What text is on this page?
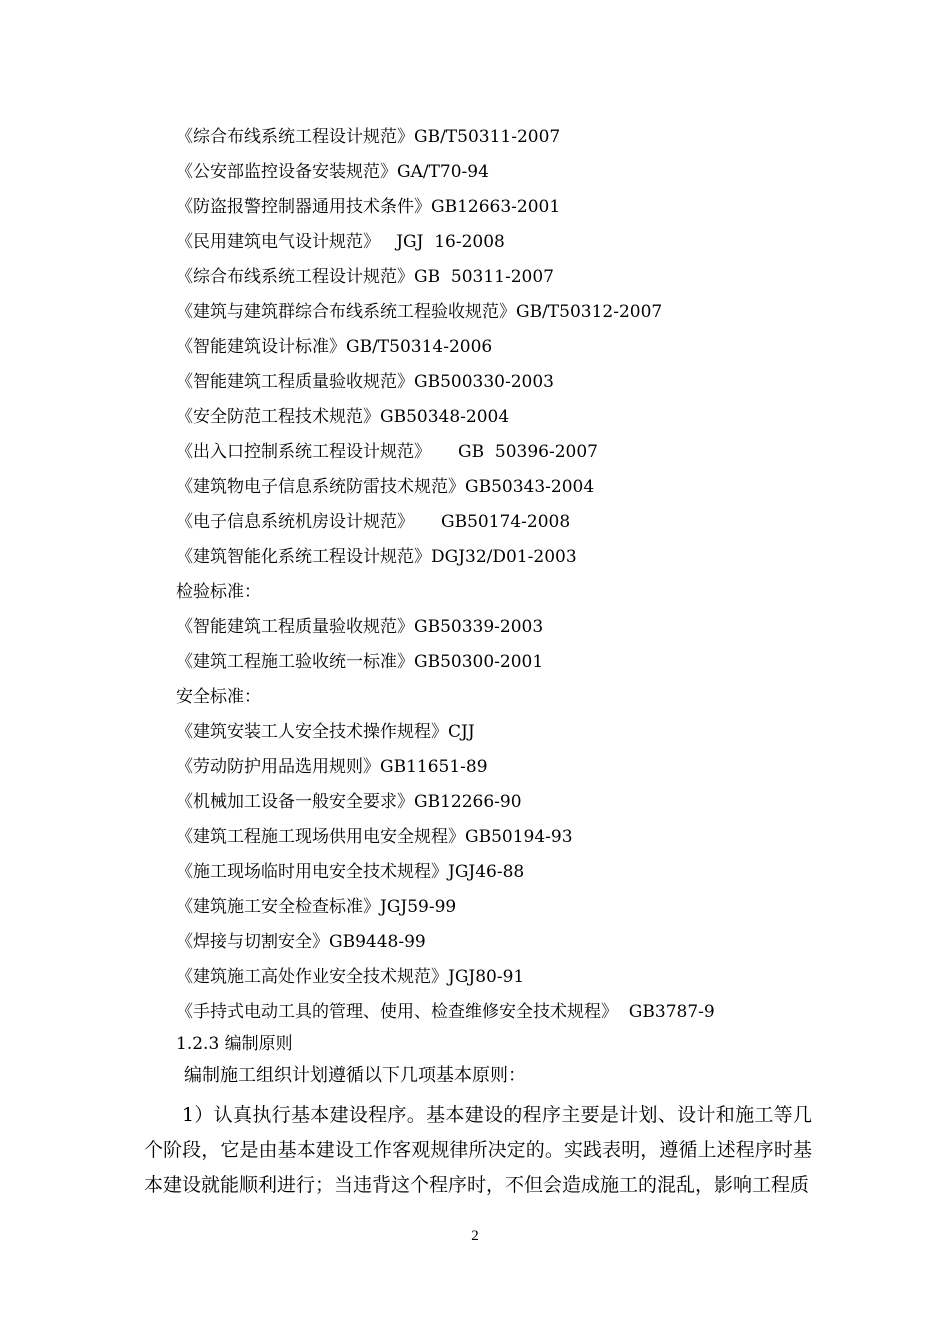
《综合布线系统工程设计规范》GB/T50311-2007
《公安部监控设备安装规范》GA/T70-94
《防盗报警控制器通用技术条件》GB12663-2001
《民用建筑电气设计规范》   JGJ  16-2008
《综合布线系统工程设计规范》GB  50311-2007
《建筑与建筑群综合布线系统工程验收规范》GB/T50312-2007
《智能建筑设计标准》GB/T50314-2006
《智能建筑工程质量验收规范》GB500330-2003
《安全防范工程技术规范》GB50348-2004
《出入口控制系统工程设计规范》     GB  50396-2007
《建筑物电子信息系统防雷技术规范》GB50343-2004
《电子信息系统机房设计规范》     GB50174-2008
《建筑智能化系统工程设计规范》DGJ32/D01-2003
检验标准：
《智能建筑工程质量验收规范》GB50339-2003
《建筑工程施工验收统一标准》GB50300-2001
安全标准：
《建筑安装工人安全技术操作规程》CJJ
《劳动防护用品选用规则》GB11651-89
《机械加工设备一般安全要求》GB12266-90
《建筑工程施工现场供用电安全规程》GB50194-93
《施工现场临时用电安全技术规程》JGJ46-88
《建筑施工安全检查标准》JGJ59-99
《焊接与切割安全》GB9448-99
《建筑施工高处作业安全技术规范》JGJ80-91
《手持式电动工具的管理、使用、检查维修安全技术规程》  GB3787-9
1.2.3 编制原则
编制施工组织计划遵循以下几项基本原则：
1）认真执行基本建设程序。基本建设的程序主要是计划、设计和施工等几个阶段，它是由基本建设工作客观规律所决定的。实践表明，遵循上述程序时基本建设就能顺利进行；当违背这个程序时，不但会造成施工的混乱，影响工程质
2
